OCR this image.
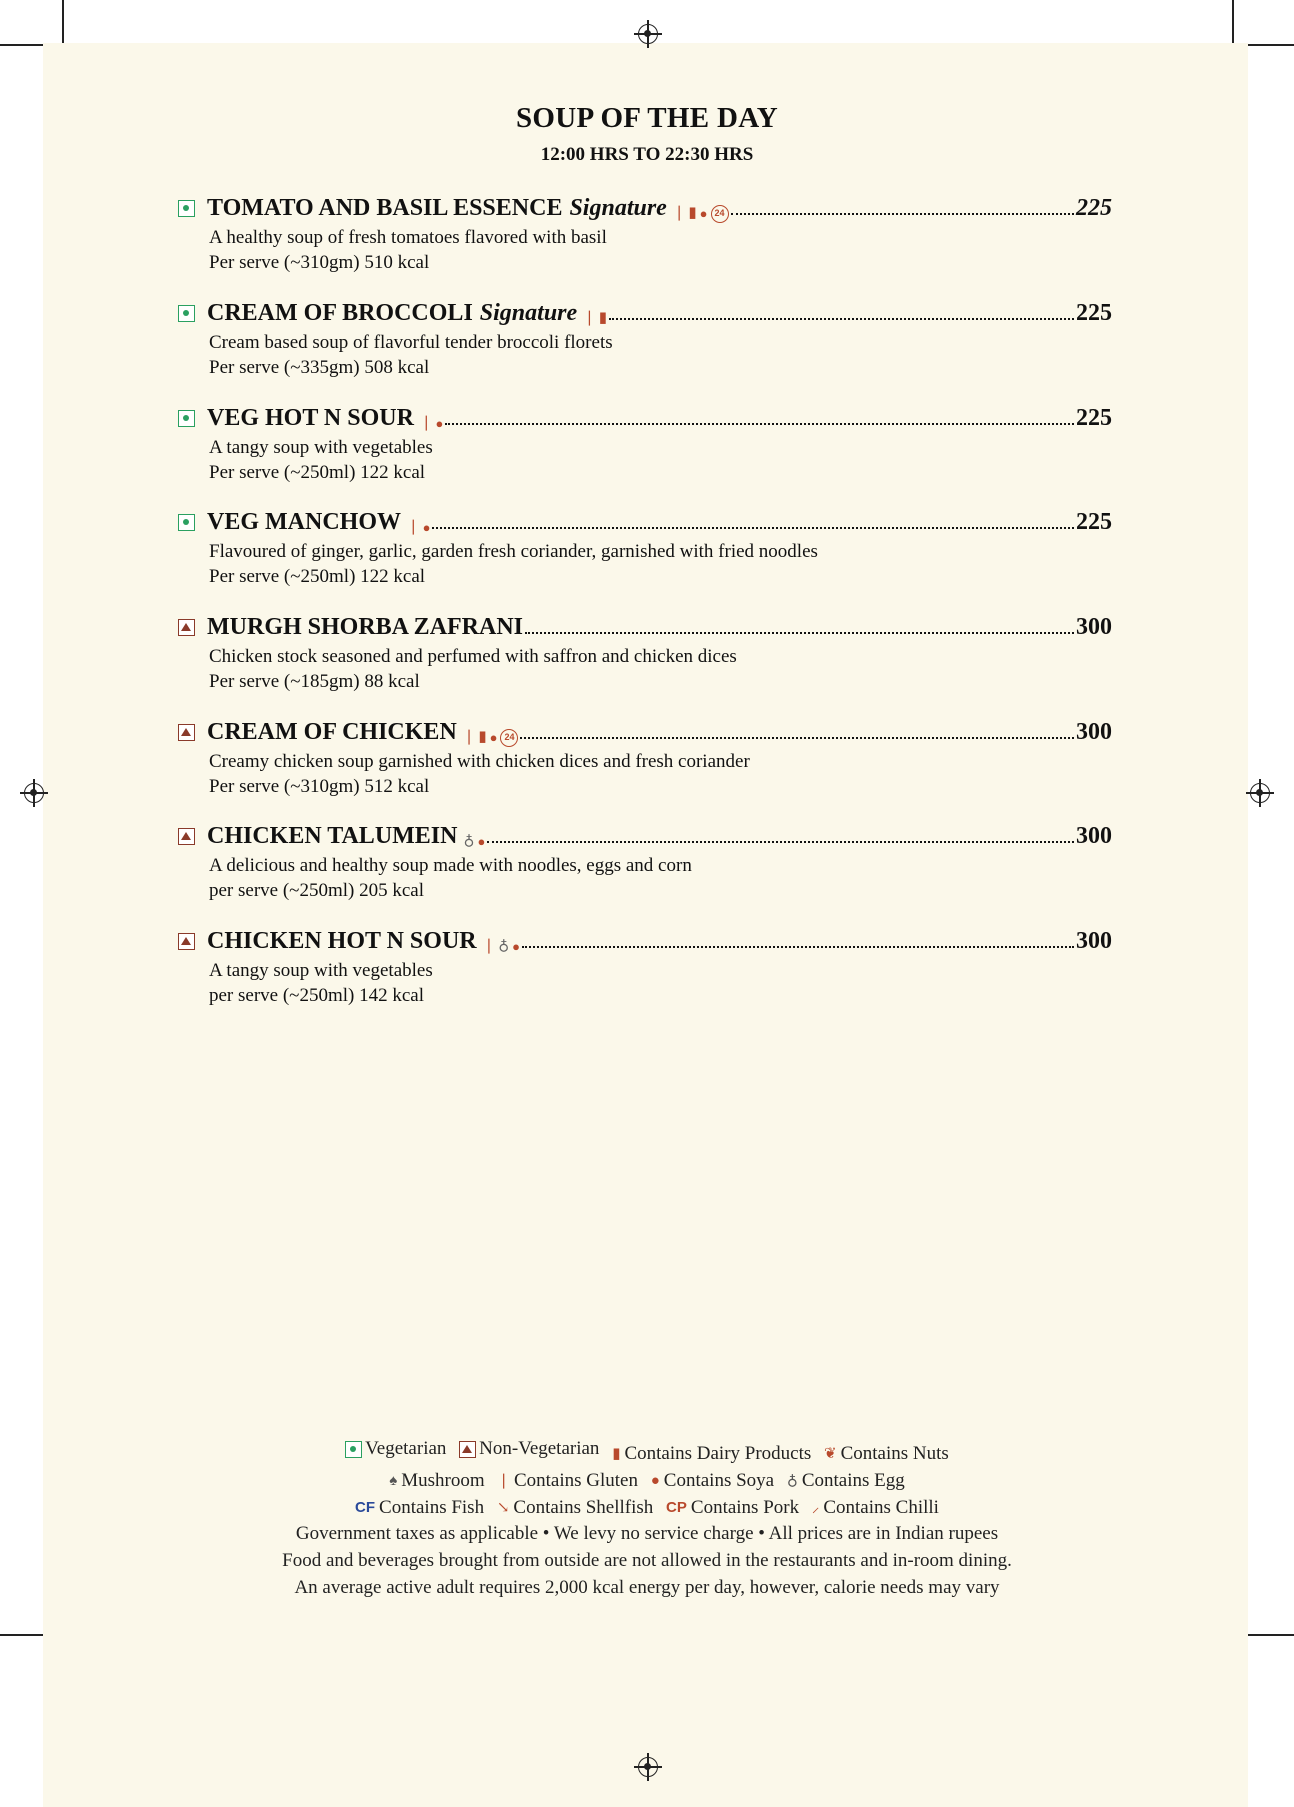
SOUP OF THE DAY
12:00 HRS TO 22:30 HRS
TOMATO AND BASIL ESSENCE Signature ❘ ▮ ● 24	225
A healthy soup of fresh tomatoes flavored with basil
Per serve (~310gm) 510 kcal
CREAM OF BROCCOLI Signature ❘ ▮	225
Cream based soup of flavorful tender broccoli florets
Per serve (~335gm) 508 kcal
VEG HOT N SOUR ❘ ●	225
A tangy soup with vegetables
Per serve (~250ml) 122 kcal
VEG MANCHOW ❘ ●	225
Flavoured of ginger, garlic, garden fresh coriander, garnished with fried noodles
Per serve (~250ml) 122 kcal
MURGH SHORBA ZAFRANI	300
Chicken stock seasoned and perfumed with saffron and chicken dices
Per serve (~185gm) 88 kcal
CREAM OF CHICKEN ❘ ▮ ● 24	300
Creamy chicken soup garnished with chicken dices and fresh coriander
Per serve (~310gm) 512 kcal
CHICKEN TALUMEIN ♁ ●	300
A delicious and healthy soup made with noodles, eggs and corn
per serve (~250ml) 205 kcal
CHICKEN HOT N SOUR ❘ ♁ ●	300
A tangy soup with vegetables
per serve (~250ml) 142 kcal
Vegetarian
Non-Vegetarian
▮ Contains Dairy Products
❦ Contains Nuts
♠ Mushroom
❘ Contains Gluten
● Contains Soya
♁ Contains Egg
CF Contains Fish
↘ Contains Shellfish
CP Contains Pork
⸝ Contains Chilli
Government taxes as applicable • We levy no service charge • All prices are in Indian rupees
Food and beverages brought from outside are not allowed in the restaurants and in-room dining.
An average active adult requires 2,000 kcal energy per day, however, calorie needs may vary
